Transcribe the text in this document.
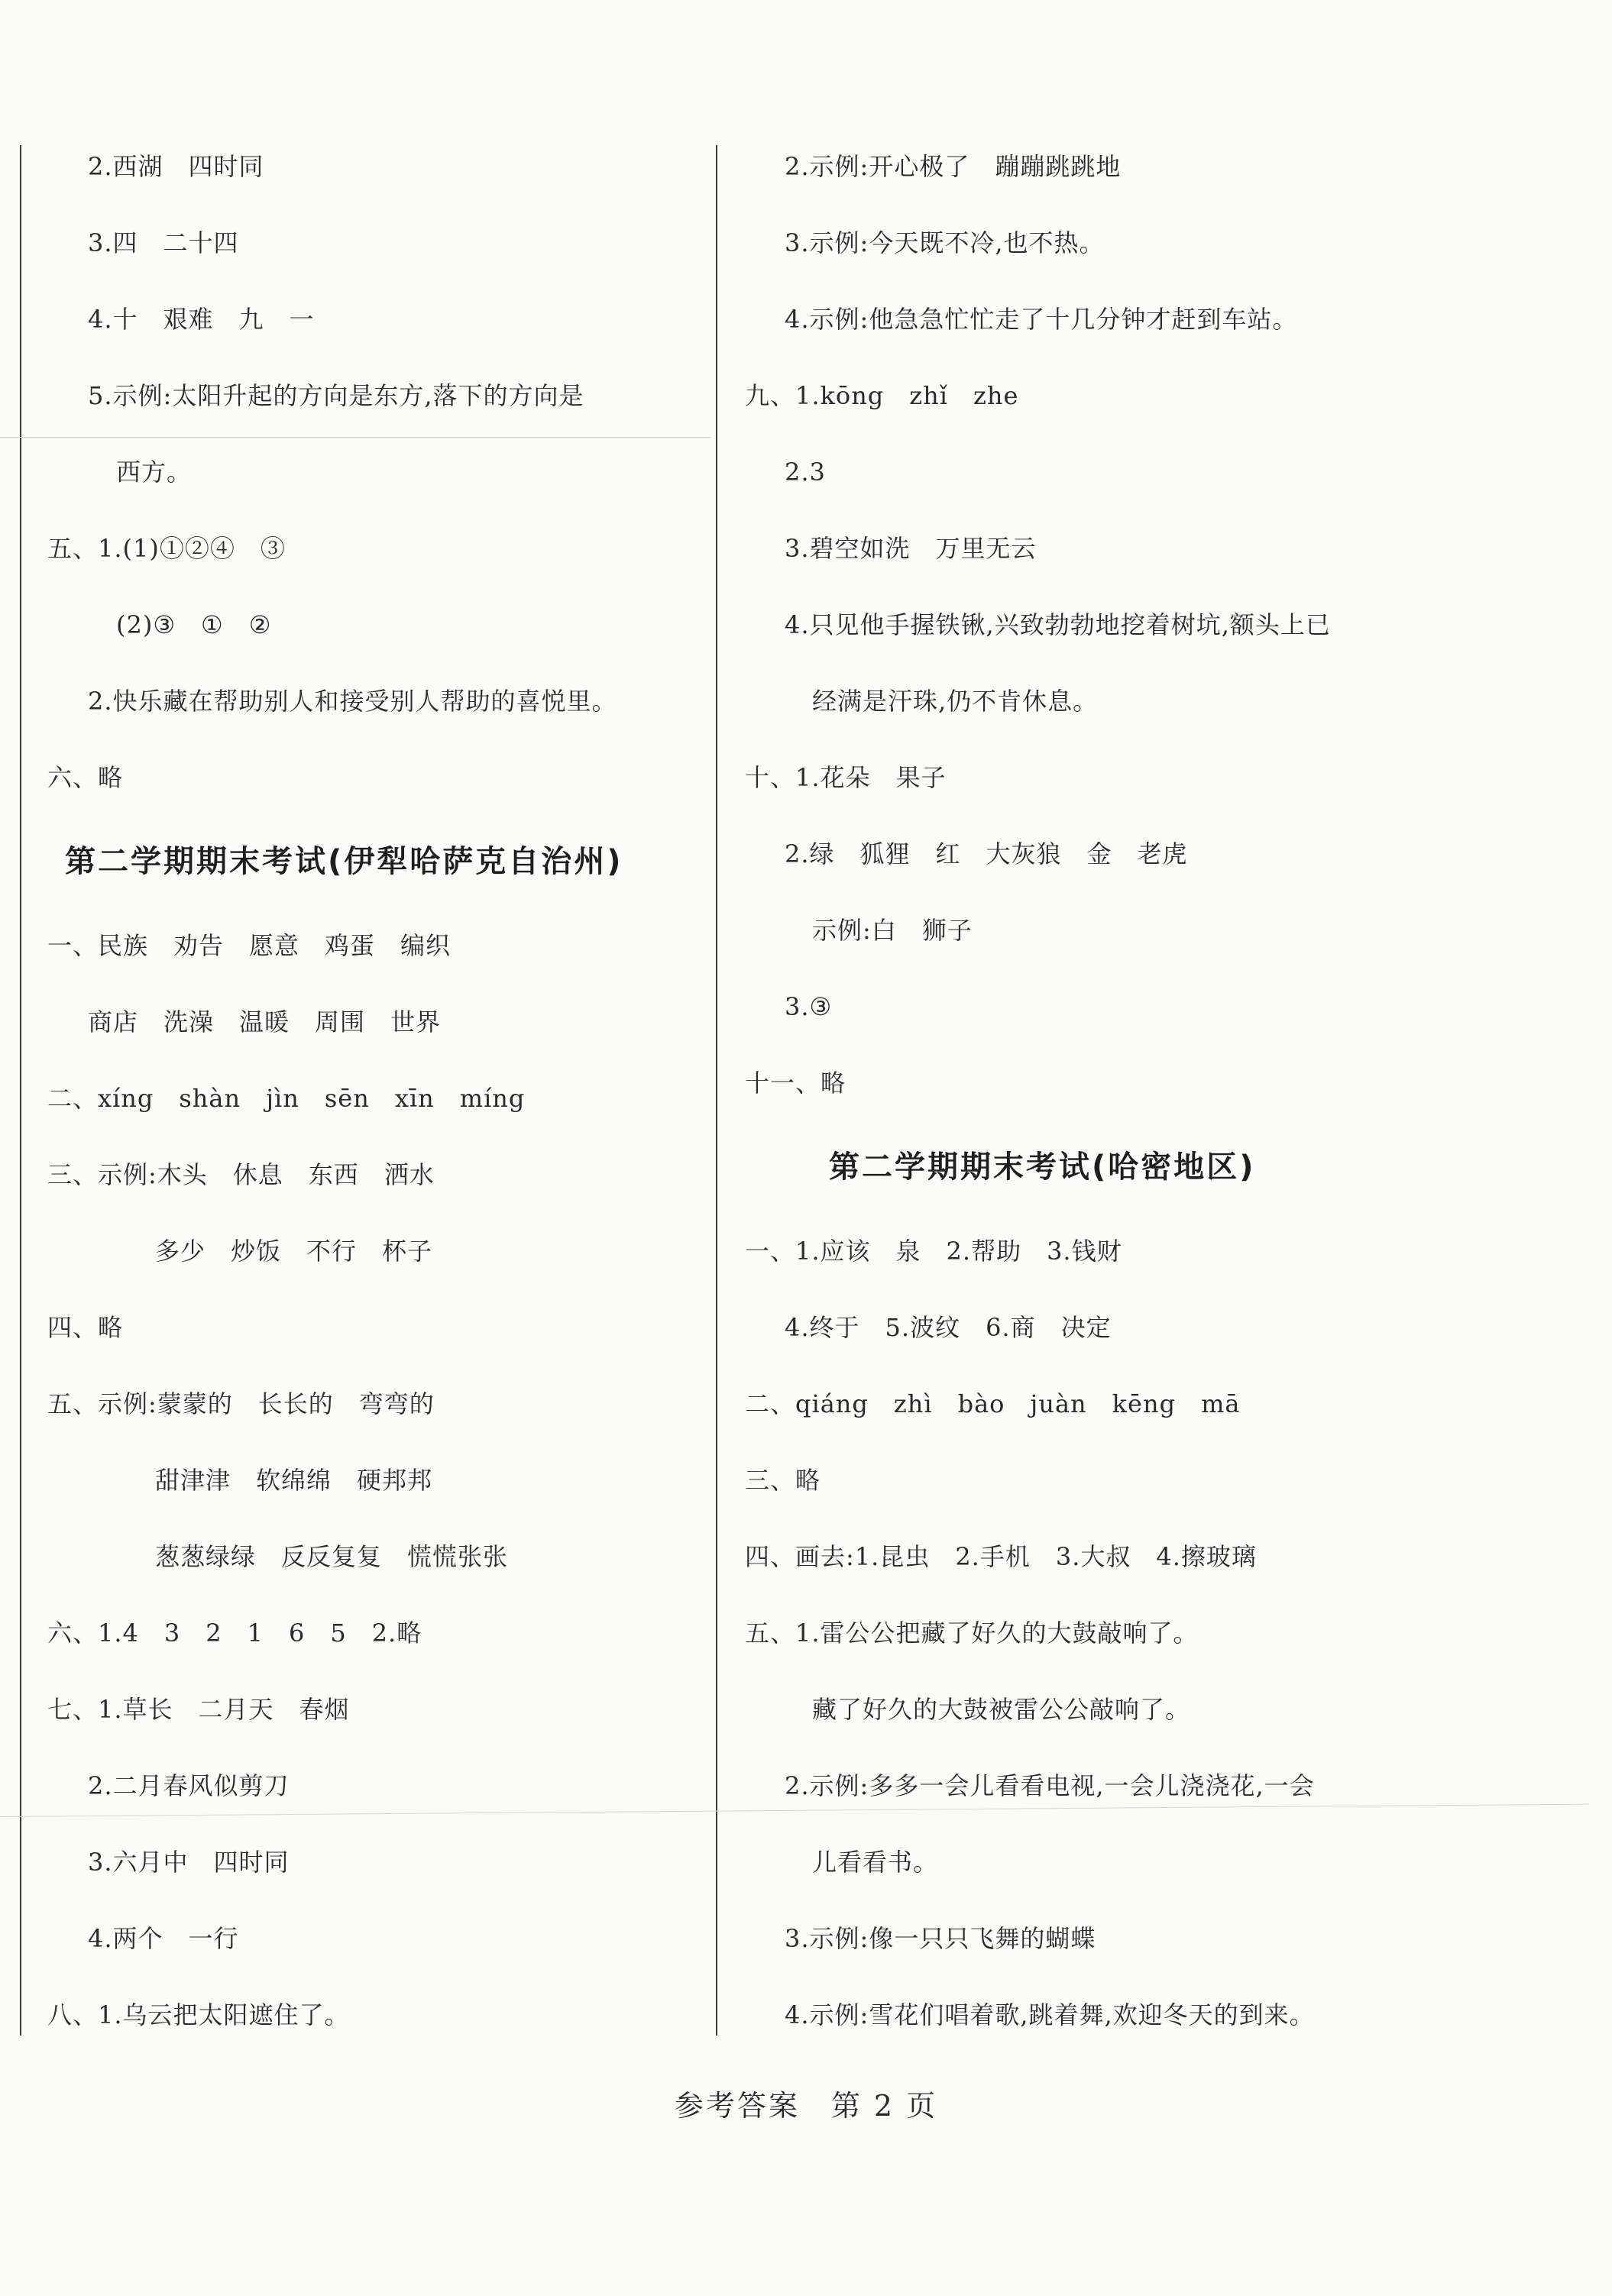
2.西湖　四时同
3.四　二十四
4.十　艰难　九　一
5.示例:太阳升起的方向是东方,落下的方向是
西方。
五、1.(1)①②④　③
(2)③　①　②
2.快乐藏在帮助别人和接受别人帮助的喜悦里。
六、略
第二学期期末考试(伊犁哈萨克自治州)
一、民族　劝告　愿意　鸡蛋　编织
商店　洗澡　温暖　周围　世界
二、xíng　shàn　jìn　sēn　xīn　míng
三、示例:木头　休息　东西　洒水
多少　炒饭　不行　杯子
四、略
五、示例:蒙蒙的　长长的　弯弯的
甜津津　软绵绵　硬邦邦
葱葱绿绿　反反复复　慌慌张张
六、1.4　3　2　1　6　5　2.略
七、1.草长　二月天　春烟
2.二月春风似剪刀
3.六月中　四时同
4.两个　一行
八、1.乌云把太阳遮住了。
2.示例:开心极了　蹦蹦跳跳地
3.示例:今天既不冷,也不热。
4.示例:他急急忙忙走了十几分钟才赶到车站。
九、1.kōng　zhǐ　zhe
2.3
3.碧空如洗　万里无云
4.只见他手握铁锹,兴致勃勃地挖着树坑,额头上已
经满是汗珠,仍不肯休息。
十、1.花朵　果子
2.绿　狐狸　红　大灰狼　金　老虎
示例:白　狮子
3.③
十一、略
第二学期期末考试(哈密地区)
一、1.应该　泉　2.帮助　3.钱财
4.终于　5.波纹　6.商　决定
二、qiáng　zhì　bào　juàn　kēng　mā
三、略
四、画去:1.昆虫　2.手机　3.大叔　4.擦玻璃
五、1.雷公公把藏了好久的大鼓敲响了。
藏了好久的大鼓被雷公公敲响了。
2.示例:多多一会儿看看电视,一会儿浇浇花,一会
儿看看书。
3.示例:像一只只飞舞的蝴蝶
4.示例:雪花们唱着歌,跳着舞,欢迎冬天的到来。
参考答案　第 2 页
